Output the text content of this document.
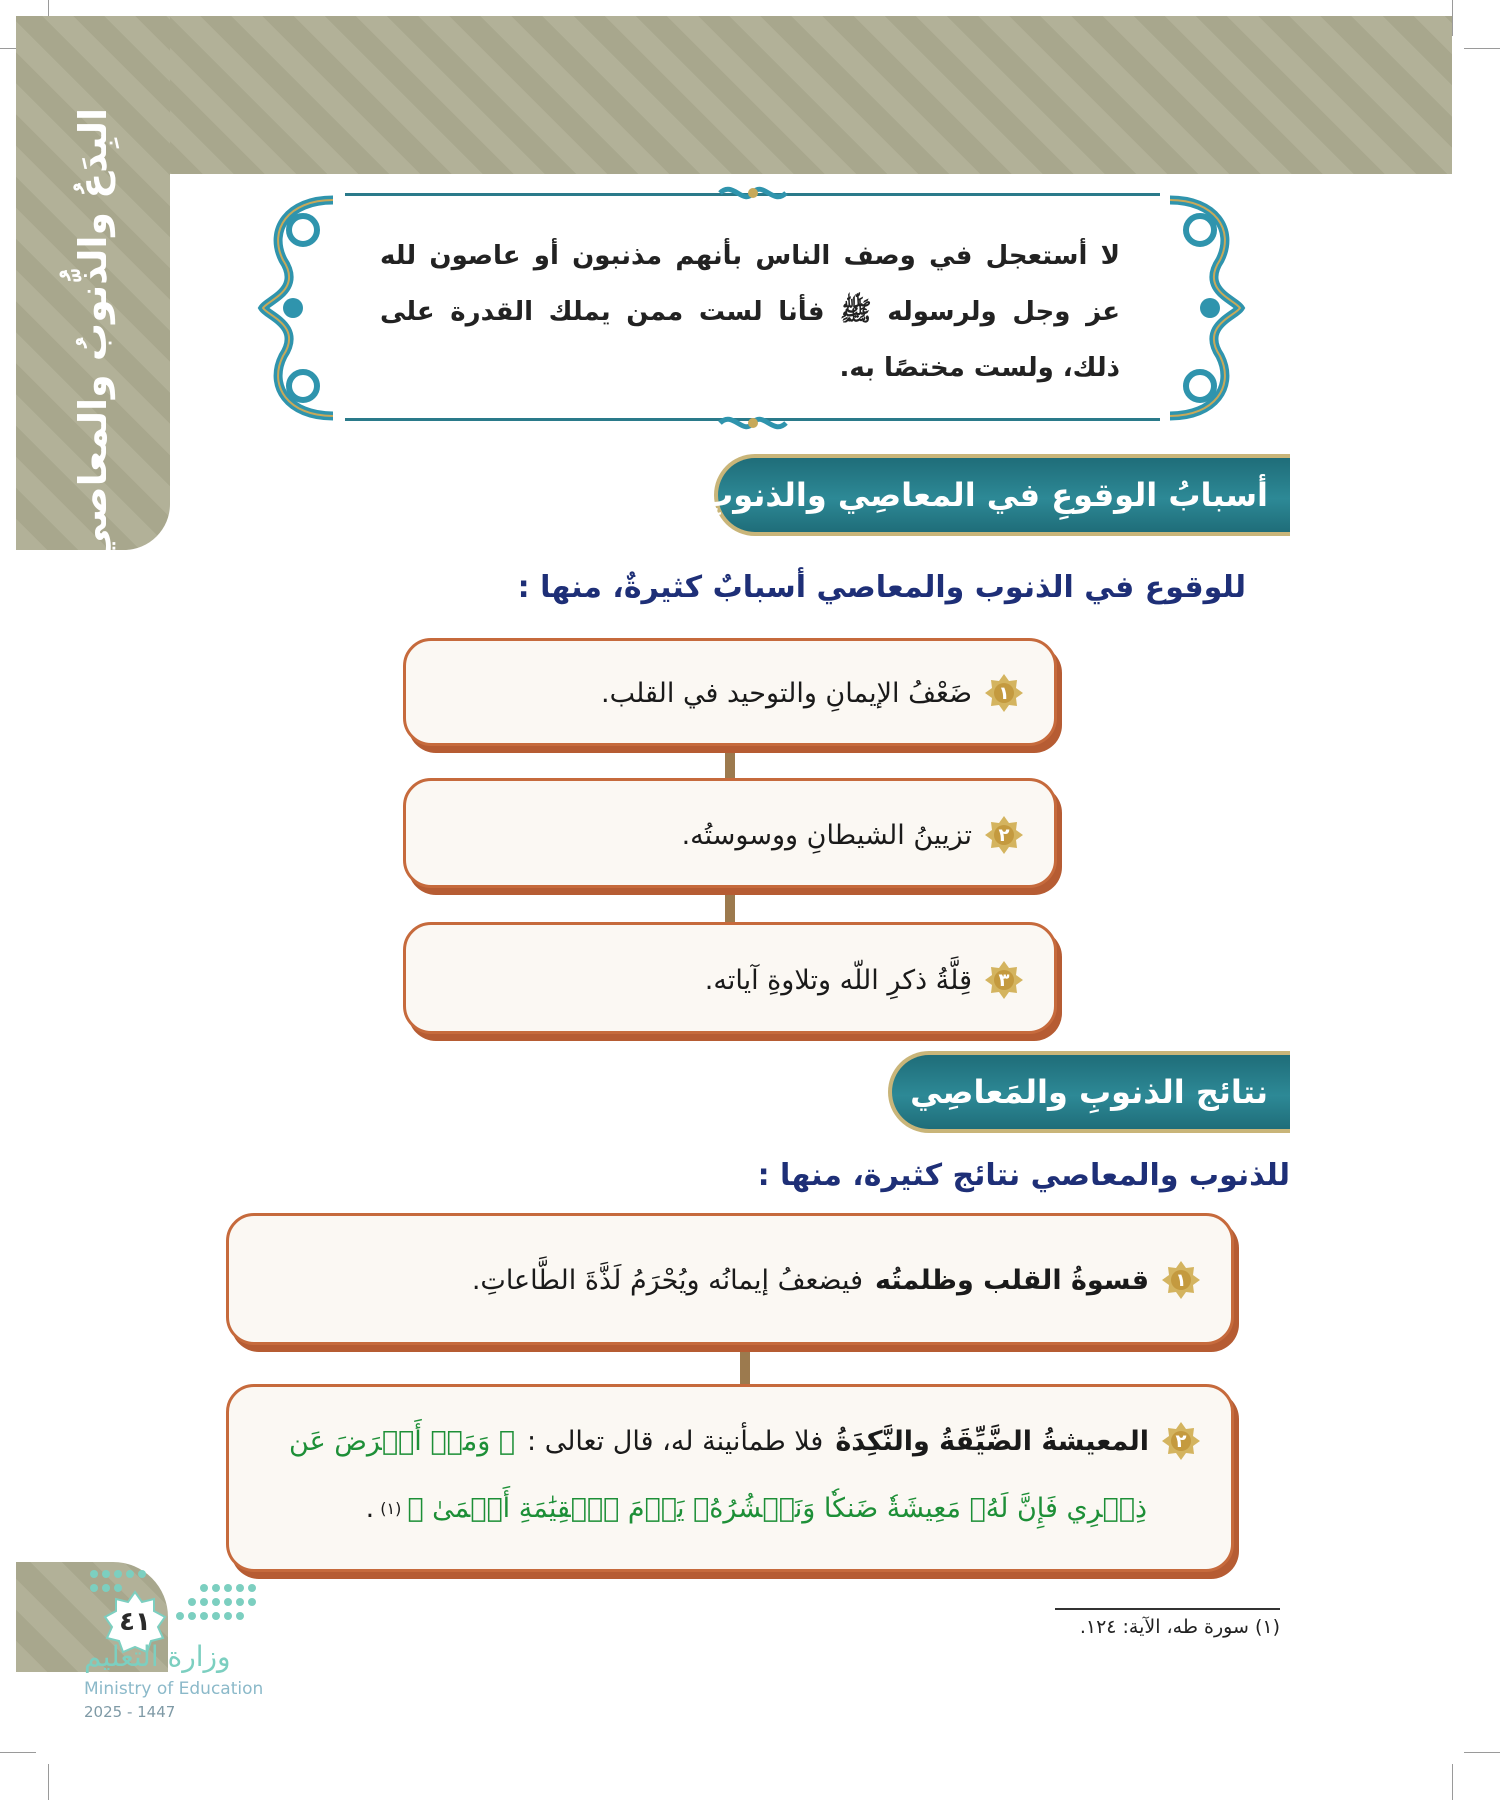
البِدَعُ والذُّنوبُ والمعاصي	لا أستعجل في وصف الناس بأنهم مذنبون أو عاصون لله عز وجل ولرسوله ﷺ فأنا لست ممن يملك القدرة على ذلك، ولست مختصًا به.

أسبابُ الوقوعِ في المعاصِي والذنوبِ

للوقوع في الذنوب والمعاصي أسبابٌ كثيرةٌ، منها :

١
ضَعْفُ الإيمانِ والتوحيد في القلب.
٢
تزيينُ الشيطانِ ووسوستُه.
٣
قِلَّةُ ذكرِ اللّه وتلاوةِ آياته.
نتائج الذنوبِ والمَعاصِي

للذنوب والمعاصي نتائج كثيرة، منها :

١
قسوةُ القلب وظلمتُه
فيضعفُ إيمانُه ويُحْرَمُ لَذَّةَ الطَّاعاتِ.
٢
المعيشةُ الضَّيِّقَةُ والنَّكِدَةُ
فلا طمأنينة له، قال تعالى :
﴿ وَمَنۡ أَعۡرَضَ عَن
ذِكۡرِي فَإِنَّ لَهُۥ مَعِيشَةٗ ضَنكٗا وَنَحۡشُرُهُۥ يَوۡمَ ٱلۡقِيَٰمَةِ أَعۡمَىٰ ﴾
(١)
.

(١) سورة طه، الآية: ١٢٤.

٤١
وزارة التعليم
Ministry of Education
2025 - 1447
